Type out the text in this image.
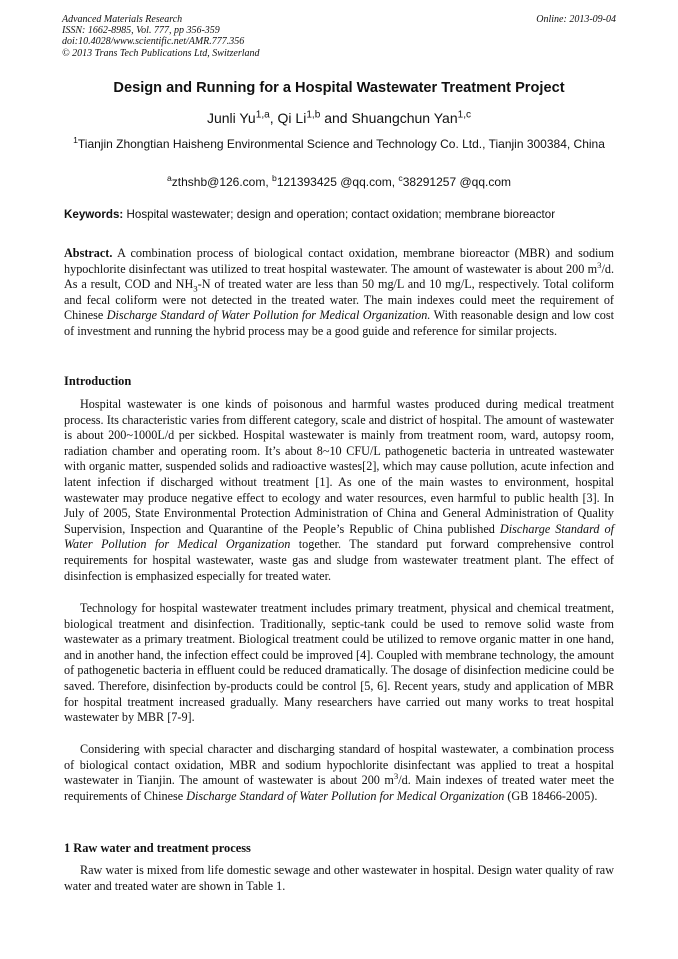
Advanced Materials Research
ISSN: 1662-8985, Vol. 777, pp 356-359
doi:10.4028/www.scientific.net/AMR.777.356
© 2013 Trans Tech Publications Ltd, Switzerland
Online: 2013-09-04
Design and Running for a Hospital Wastewater Treatment Project
Junli Yu$^{1,a}$, Qi Li$^{1,b}$ and Shuangchun Yan$^{1,c}$
$^1$Tianjin Zhongtian Haisheng Environmental Science and Technology Co. Ltd., Tianjin 300384, China
$^a$zthshb@126.com, $^b$121393425 @qq.com, $^c$38291257 @qq.com
Keywords: Hospital wastewater; design and operation; contact oxidation; membrane bioreactor
Abstract. A combination process of biological contact oxidation, membrane bioreactor (MBR) and sodium hypochlorite disinfectant was utilized to treat hospital wastewater. The amount of wastewater is about 200 $m^3/d$. As a result, COD and $NH_3-N$ of treated water are less than 50 mg/L and 10 mg/L, respectively. Total coliform and fecal coliform were not detected in the treated water. The main indexes could meet the requirement of Chinese Discharge Standard of Water Pollution for Medical Organization. With reasonable design and low cost of investment and running the hybrid process may be a good guide and reference for similar projects.
Introduction

Hospital wastewater is one kinds of poisonous and harmful wastes produced during medical treatment process. Its characteristic varies from different category, scale and district of hospital. The amount of wastewater is about 200~1000L/d per sickbed. Hospital wastewater is mainly from treatment room, ward, autopsy room, radiation chamber and operating room. It’s about 8~10 CFU/L pathogenetic bacteria in untreated wastewater with organic matter, suspended solids and radioactive wastes[2], which may cause pollution, acute infection and latent infection if discharged without treatment [1]. As one of the main wastes to environment, hospital wastewater may produce negative effect to ecology and water resources, even harmful to public health [3]. In July of 2005, State Environmental Protection Administration of China and General Administration of Quality Supervision, Inspection and Quarantine of the People’s Republic of China published Discharge Standard of Water Pollution for Medical Organization together. The standard put forward comprehensive control requirements for hospital wastewater, waste gas and sludge from wastewater treatment plant. The effect of disinfection is emphasized especially for treated water.

Technology for hospital wastewater treatment includes primary treatment, physical and chemical treatment, biological treatment and disinfection. Traditionally, septic-tank could be used to remove solid waste from wastewater as a primary treatment. Biological treatment could be utilized to remove organic matter in one hand, and in another hand, the infection effect could be improved [4]. Coupled with membrane technology, the amount of pathogenetic bacteria in effluent could be reduced dramatically. The dosage of disinfection medicine could be saved. Therefore, disinfection by-products could be control [5, 6]. Recent years, study and application of MBR for hospital treatment increased gradually. Many researchers have carried out many works to treat hospital wastewater by MBR [7-9].

Considering with special character and discharging standard of hospital wastewater, a combination process of biological contact oxidation, MBR and sodium hypochlorite disinfectant was applied to treat a hospital wastewater in Tianjin. The amount of wastewater is about 200 $m^3/d$. Main indexes of treated water meet the requirements of Chinese Discharge Standard of Water Pollution for Medical Organization (GB 18466-2005).

1 Raw water and treatment process

Raw water is mixed from life domestic sewage and other wastewater in hospital. Design water quality of raw water and treated water are shown in Table 1.
